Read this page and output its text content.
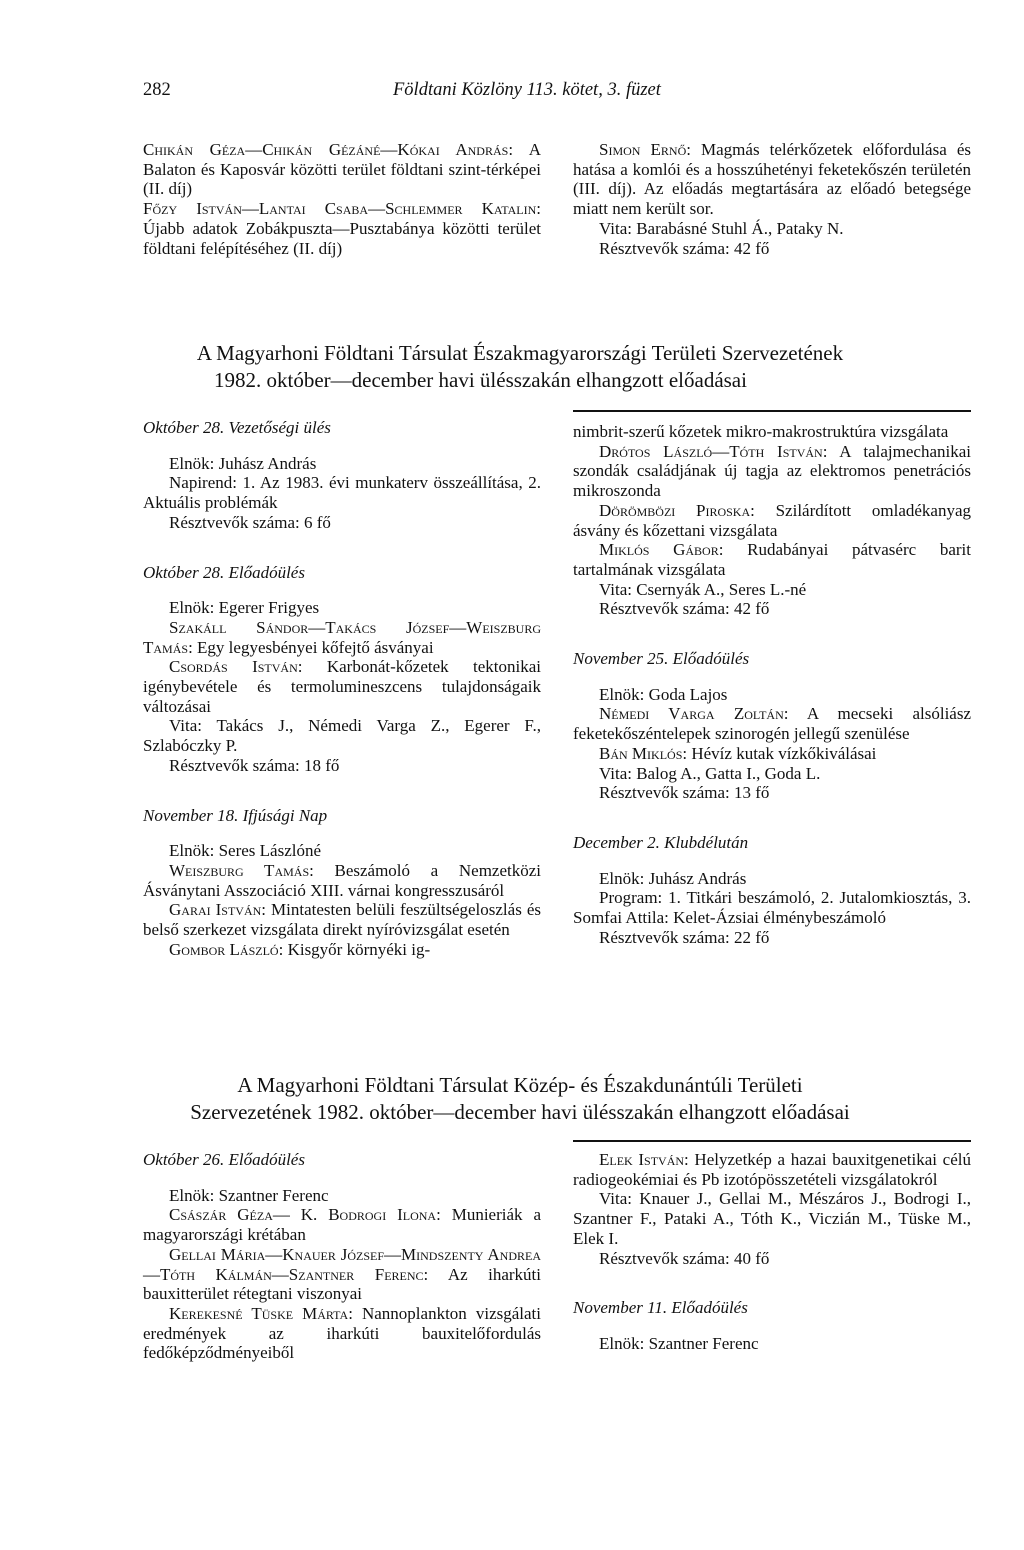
282	Földtani Közlöny 113. kötet, 3. füzet

Chikán Géza—Chikán Gézáné—Kókai András: A Balaton és Kaposvár közötti terület földtani szint-térképei (II. díj)

Főzy István—Lantai Csaba—Schlemmer Katalin: Újabb adatok Zobákpuszta—Pusztabánya közötti terület földtani felépítéséhez (II. díj)

Simon Ernő: Magmás telérkőzetek előfordulása és hatása a komlói és a hosszúhetényi feketekőszén területén (III. díj). Az előadás megtartására az előadó betegsége miatt nem került sor.

Vita: Barabásné Stuhl Á., Pataky N.

Résztvevők száma: 42 fő

A Magyarhoni Földtani Társulat Északmagyarországi Területi Szervezetének
1982. október—december havi ülésszakán elhangzott előadásai

Október 28. Vezetőségi ülés

Elnök: Juhász András

Napirend: 1. Az 1983. évi munkaterv összeállítása, 2. Aktuális problémák

Résztvevők száma: 6 fő

Október 28. Előadóülés

Elnök: Egerer Frigyes

Szakáll Sándor—Takács József—Weiszburg Tamás: Egy legyesbényei kőfejtő ásványai

Csordás István: Karbonát-kőzetek tektonikai igénybevétele és termolumineszcens tulajdonságaik változásai

Vita: Takács J., Némedi Varga Z., Egerer F., Szlabóczky P.

Résztvevők száma: 18 fő

November 18. Ifjúsági Nap

Elnök: Seres Lászlóné

Weiszburg Tamás: Beszámoló a Nemzetközi Ásványtani Asszociáció XIII. várnai kongresszusáról

Garai István: Mintatesten belüli feszültségeloszlás és belső szerkezet vizsgálata direkt nyíróvizsgálat esetén

Gombor László: Kisgyőr környéki ig-

nimbrit-szerű kőzetek mikro-makrostruktúra vizsgálata

Drótos László—Tóth István: A talajmechanikai szondák családjának új tagja az elektromos penetrációs mikroszonda

Dörömbözi Piroska: Szilárdított omladékanyag ásvány és kőzettani vizsgálata

Miklós Gábor: Rudabányai pátvasérc barit tartalmának vizsgálata

Vita: Csernyák A., Seres L.-né

Résztvevők száma: 42 fő

November 25. Előadóülés

Elnök: Goda Lajos

Némedi Varga Zoltán: A mecseki alsóliász feketekőszéntelepek szinorogén jellegű szenülése

Bán Miklós: Hévíz kutak vízkőkiválásai

Vita: Balog A., Gatta I., Goda L.

Résztvevők száma: 13 fő

December 2. Klubdélután

Elnök: Juhász András

Program: 1. Titkári beszámoló, 2. Jutalomkiosztás, 3. Somfai Attila: Kelet-Ázsiai élménybeszámoló

Résztvevők száma: 22 fő

A Magyarhoni Földtani Társulat Közép- és Északdunántúli Területi
Szervezetének 1982. október—december havi ülésszakán elhangzott előadásai

Október 26. Előadóülés

Elnök: Szantner Ferenc

Császár Géza— K. Bodrogi Ilona: Munieriák a magyarországi krétában

Gellai Mária—Knauer József—Mindszenty Andrea—Tóth Kálmán—Szantner Ferenc: Az iharkúti bauxitterület rétegtani viszonyai

Kerekesné Tüske Márta: Nannoplankton vizsgálati eredmények az iharkúti bauxitelőfordulás fedőképződményeiből

Elek István: Helyzetkép a hazai bauxitgenetikai célú radiogeokémiai és Pb izotópösszetételi vizsgálatokról

Vita: Knauer J., Gellai M., Mészáros J., Bodrogi I., Szantner F., Pataki A., Tóth K., Viczián M., Tüske M., Elek I.

Résztvevők száma: 40 fő

November 11. Előadóülés

Elnök: Szantner Ferenc
